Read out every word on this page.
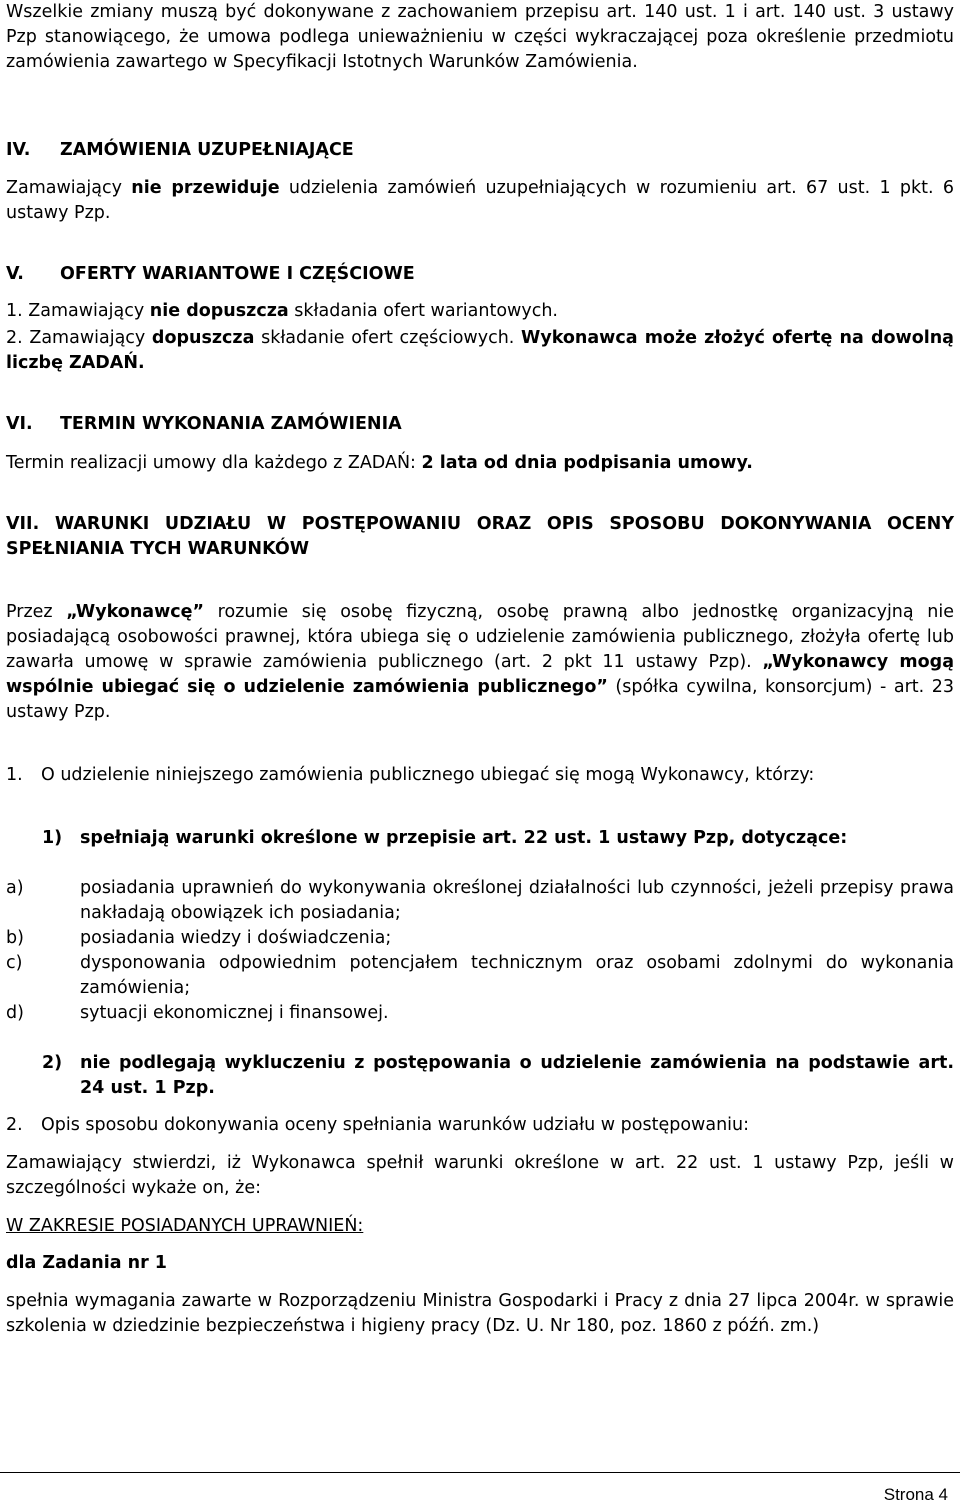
Wszelkie zmiany muszą być dokonywane z zachowaniem przepisu art. 140 ust. 1 i art. 140 ust. 3 ustawy Pzp stanowiącego, że umowa podlega unieważnieniu w części wykraczającej poza określenie przedmiotu zamówienia zawartego w Specyfikacji Istotnych Warunków Zamówienia.

IV. ZAMÓWIENIA UZUPEŁNIAJĄCE

Zamawiający nie przewiduje udzielenia zamówień uzupełniających w rozumieniu art. 67 ust. 1 pkt. 6 ustawy Pzp.

V. OFERTY WARIANTOWE I CZĘŚCIOWE

1. Zamawiający nie dopuszcza składania ofert wariantowych.

2. Zamawiający dopuszcza składanie ofert częściowych. Wykonawca może złożyć ofertę na dowolną liczbę ZADAŃ.

VI. TERMIN WYKONANIA ZAMÓWIENIA

Termin realizacji umowy dla każdego z ZADAŃ: 2 lata od dnia podpisania umowy.

VII. WARUNKI UDZIAŁU W POSTĘPOWANIU ORAZ OPIS SPOSOBU DOKONYWANIA OCENY SPEŁNIANIA TYCH WARUNKÓW

Przez „Wykonawcę” rozumie się osobę fizyczną, osobę prawną albo jednostkę organizacyjną nie posiadającą osobowości prawnej, która ubiega się o udzielenie zamówienia publicznego, złożyła ofertę lub zawarła umowę w sprawie zamówienia publicznego (art. 2 pkt 11 ustawy Pzp). „Wykonawcy mogą wspólnie ubiegać się o udzielenie zamówienia publicznego” (spółka cywilna, konsorcjum) - art. 23 ustawy Pzp.

1. O udzielenie niniejszego zamówienia publicznego ubiegać się mogą Wykonawcy, którzy:

1) spełniają warunki określone w przepisie art. 22 ust. 1 ustawy Pzp, dotyczące:

a)	posiadania uprawnień do wykonywania określonej działalności lub czynności, jeżeli przepisy prawa nakładają obowiązek ich posiadania;

b)	posiadania wiedzy i doświadczenia;

c)	dysponowania odpowiednim potencjałem technicznym oraz osobami zdolnymi do wykonania zamówienia;

d)	sytuacji ekonomicznej i finansowej.

2) nie podlegają wykluczeniu z postępowania o udzielenie zamówienia na podstawie art. 24 ust. 1 Pzp.

2. Opis sposobu dokonywania oceny spełniania warunków udziału w postępowaniu:

Zamawiający stwierdzi, iż Wykonawca spełnił warunki określone w art. 22 ust. 1 ustawy Pzp, jeśli w szczególności wykaże on, że:

W ZAKRESIE POSIADANYCH UPRAWNIEŃ:

dla Zadania nr 1

spełnia wymagania zawarte w Rozporządzeniu Ministra Gospodarki i Pracy z dnia 27 lipca 2004r. w sprawie szkolenia w dziedzinie bezpieczeństwa i higieny pracy (Dz. U. Nr 180, poz. 1860 z późń. zm.)

Strona 4
